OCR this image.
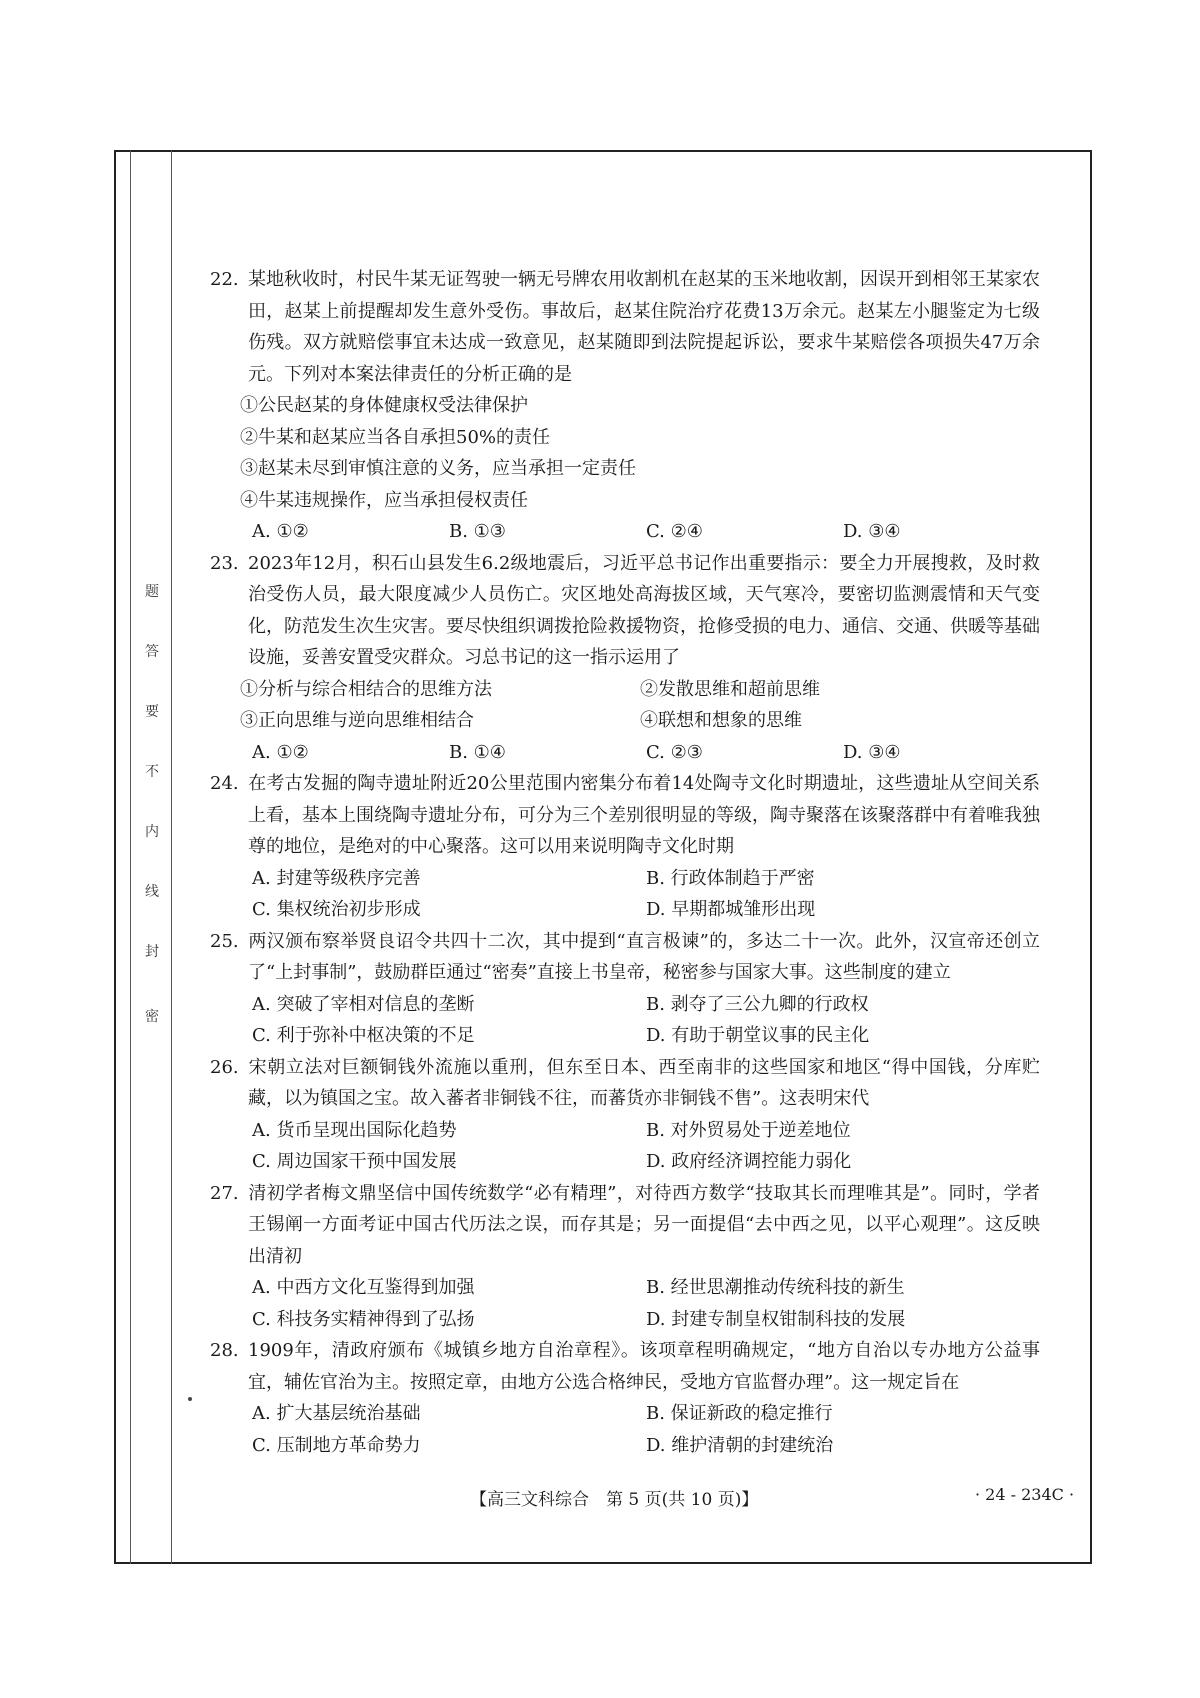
题
答
要
不
内
线
封
密
22. 某地秋收时，村民牛某无证驾驶一辆无号牌农用收割机在赵某的玉米地收割，因误开到相邻王某家农田，赵某上前提醒却发生意外受伤。事故后，赵某住院治疗花费13万余元。赵某左小腿鉴定为七级伤残。双方就赔偿事宜未达成一致意见，赵某随即到法院提起诉讼，要求牛某赔偿各项损失47万余元。下列对本案法律责任的分析正确的是
①公民赵某的身体健康权受法律保护
②牛某和赵某应当各自承担50%的责任
③赵某未尽到审慎注意的义务，应当承担一定责任
④牛某违规操作，应当承担侵权责任
A. ①②	B. ①③	C. ②④	D. ③④
23. 2023年12月，积石山县发生6.2级地震后，习近平总书记作出重要指示：要全力开展搜救，及时救治受伤人员，最大限度减少人员伤亡。灾区地处高海拔区域，天气寒冷，要密切监测震情和天气变化，防范发生次生灾害。要尽快组织调拨抢险救援物资，抢修受损的电力、通信、交通、供暖等基础设施，妥善安置受灾群众。习总书记的这一指示运用了
①分析与综合相结合的思维方法	②发散思维和超前思维
③正向思维与逆向思维相结合	④联想和想象的思维
A. ①②	B. ①④	C. ②③	D. ③④
24. 在考古发掘的陶寺遗址附近20公里范围内密集分布着14处陶寺文化时期遗址，这些遗址从空间关系上看，基本上围绕陶寺遗址分布，可分为三个差别很明显的等级，陶寺聚落在该聚落群中有着唯我独尊的地位，是绝对的中心聚落。这可以用来说明陶寺文化时期
A. 封建等级秩序完善	B. 行政体制趋于严密
C. 集权统治初步形成	D. 早期都城雏形出现
25. 两汉颁布察举贤良诏令共四十二次，其中提到“直言极谏”的，多达二十一次。此外，汉宣帝还创立了“上封事制”，鼓励群臣通过“密奏”直接上书皇帝，秘密参与国家大事。这些制度的建立
A. 突破了宰相对信息的垄断	B. 剥夺了三公九卿的行政权
C. 利于弥补中枢决策的不足	D. 有助于朝堂议事的民主化
26. 宋朝立法对巨额铜钱外流施以重刑，但东至日本、西至南非的这些国家和地区“得中国钱，分库贮藏，以为镇国之宝。故入蕃者非铜钱不往，而蕃货亦非铜钱不售”。这表明宋代
A. 货币呈现出国际化趋势	B. 对外贸易处于逆差地位
C. 周边国家干预中国发展	D. 政府经济调控能力弱化
27. 清初学者梅文鼎坚信中国传统数学“必有精理”，对待西方数学“技取其长而理唯其是”。同时，学者王锡阐一方面考证中国古代历法之误，而存其是；另一面提倡“去中西之见，以平心观理”。这反映出清初
A. 中西方文化互鉴得到加强	B. 经世思潮推动传统科技的新生
C. 科技务实精神得到了弘扬	D. 封建专制皇权钳制科技的发展
28. 1909年，清政府颁布《城镇乡地方自治章程》。该项章程明确规定，“地方自治以专办地方公益事宜，辅佐官治为主。按照定章，由地方公选合格绅民，受地方官监督办理”。这一规定旨在
A. 扩大基层统治基础	B. 保证新政的稳定推行
C. 压制地方革命势力	D. 维护清朝的封建统治
【高三文科综合　第 5 页(共 10 页)】	· 24 - 234C ·
